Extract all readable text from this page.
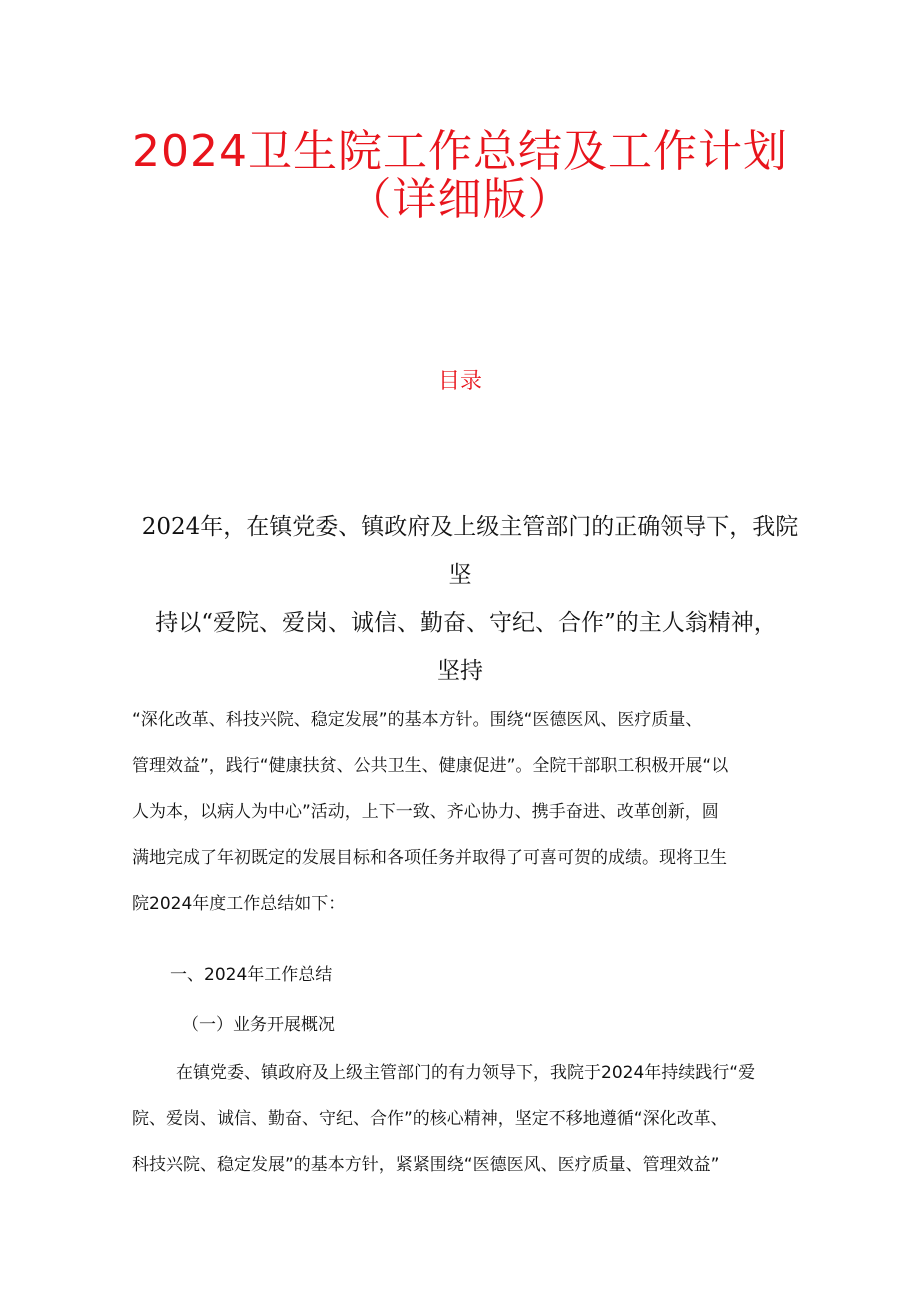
2024卫生院工作总结及工作计划
（详细版）
目录
2024年，在镇党委、镇政府及上级主管部门的正确领导下，我院
坚
持以“爱院、爱岗、诚信、勤奋、守纪、合作”的主人翁精神，
坚持
“深化改革、科技兴院、稳定发展”的基本方针。围绕“医德医风、医疗质量、
管理效益”，践行“健康扶贫、公共卫生、健康促进”。全院干部职工积极开展“以
人为本，以病人为中心”活动，上下一致、齐心协力、携手奋进、改革创新，圆
满地完成了年初既定的发展目标和各项任务并取得了可喜可贺的成绩。现将卫生
院2024年度工作总结如下：
一、2024年工作总结
（一）业务开展概况
在镇党委、镇政府及上级主管部门的有力领导下，我院于2024年持续践行“爱
院、爱岗、诚信、勤奋、守纪、合作”的核心精神，坚定不移地遵循“深化改革、
科技兴院、稳定发展”的基本方针，紧紧围绕“医德医风、医疗质量、管理效益”
